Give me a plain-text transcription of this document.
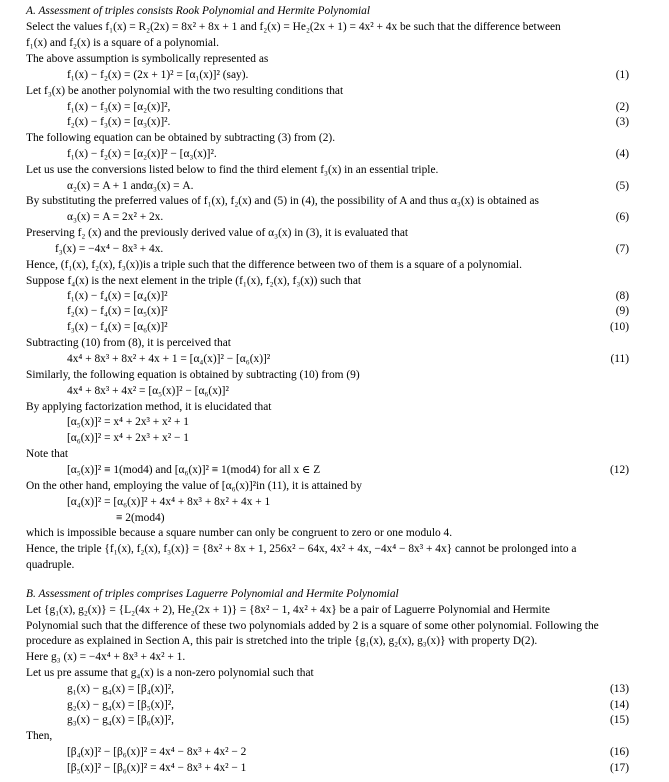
A. Assessment of triples consists Rook Polynomial and Hermite Polynomial
Select the values f₁(x) = R₂(2x) = 8x² + 8x + 1 and f₂(x) = He₂(2x + 1) = 4x² + 4x be such that the difference between
f₁(x) and f₂(x) is a square of a polynomial.
The above assumption is symbolically represented as
f₁(x) − f₂(x) = (2x + 1)² = [α₁(x)]² (say).	(1)
Let f₃(x) be another polynomial with the two resulting conditions that
f₁(x) − f₃(x) = [α₂(x)]²,	(2)
f₂(x) − f₃(x) = [α₃(x)]².	(3)
The following equation can be obtained by subtracting (3) from (2).
f₁(x) − f₂(x) = [α₂(x)]² − [α₃(x)]².	(4)
Let us use the conversions listed below to find the third element f₃(x) in an essential triple.
α₂(x) = A + 1 andα₃(x) = A.	(5)
By substituting the preferred values of f₁(x), f₂(x) and (5) in (4), the possibility of A and thus α₃(x) is obtained as
α₃(x) = A = 2x² + 2x.	(6)
Preserving f₂ (x) and the previously derived value of α₃(x) in (3), it is evaluated that
f₃(x) = −4x⁴ − 8x³ + 4x.	(7)
Hence, (f₁(x), f₂(x), f₃(x))is a triple such that the difference between two of them is a square of a polynomial.
Suppose f₄(x) is the next element in the triple (f₁(x), f₂(x), f₃(x)) such that
f₁(x) − f₄(x) = [α₄(x)]²	(8)
f₂(x) − f₄(x) = [α₅(x)]²	(9)
f₃(x) − f₄(x) = [α₆(x)]²	(10)
Subtracting (10) from (8), it is perceived that
4x⁴ + 8x³ + 8x² + 4x + 1 = [α₄(x)]² − [α₆(x)]²	(11)
Similarly, the following equation is obtained by subtracting (10) from (9)
4x⁴ + 8x³ + 4x² = [α₅(x)]² − [α₆(x)]²
By applying factorization method, it is elucidated that
[α₅(x)]² = x⁴ + 2x³ + x² + 1
[α₆(x)]² = x⁴ + 2x³ + x² − 1
Note that
[α₅(x)]² ≡ 1(mod4) and [α₆(x)]² ≡ 1(mod4) for all x ∈ Z	(12)
On the other hand, employing the value of [α₆(x)]²in (11), it is attained by
[α₄(x)]² = [α₆(x)]² + 4x⁴ + 8x³ + 8x² + 4x + 1
≡ 2(mod4)
which is impossible because a square number can only be congruent to zero or one modulo 4.
Hence, the triple {f₁(x), f₂(x), f₃(x)} = {8x² + 8x + 1, 256x² − 64x, 4x² + 4x, −4x⁴ − 8x³ + 4x} cannot be prolonged into a
quadruple.
B. Assessment of triples comprises Laguerre Polynomial and Hermite Polynomial
Let {g₁(x), g₂(x)} = {L₂(4x + 2), He₂(2x + 1)} = {8x² − 1, 4x² + 4x} be a pair of Laguerre Polynomial and Hermite
Polynomial such that the difference of these two polynomials added by 2 is a square of some other polynomial. Following the
procedure as explained in Section A, this pair is stretched into the triple {g₁(x), g₂(x), g₃(x)} with property D(2).
Here g₃ (x) = −4x⁴ + 8x³ + 4x² + 1.
Let us pre assume that g₄(x) is a non-zero polynomial such that
g₁(x) − g₄(x) = [β₄(x)]²,	(13)
g₂(x) − g₄(x) = [β₅(x)]²,	(14)
g₃(x) − g₄(x) = [β₆(x)]²,	(15)
Then,
[β₄(x)]² − [β₆(x)]² = 4x⁴ − 8x³ + 4x² − 2	(16)
[β₅(x)]² − [β₆(x)]² = 4x⁴ − 8x³ + 4x² − 1	(17)
